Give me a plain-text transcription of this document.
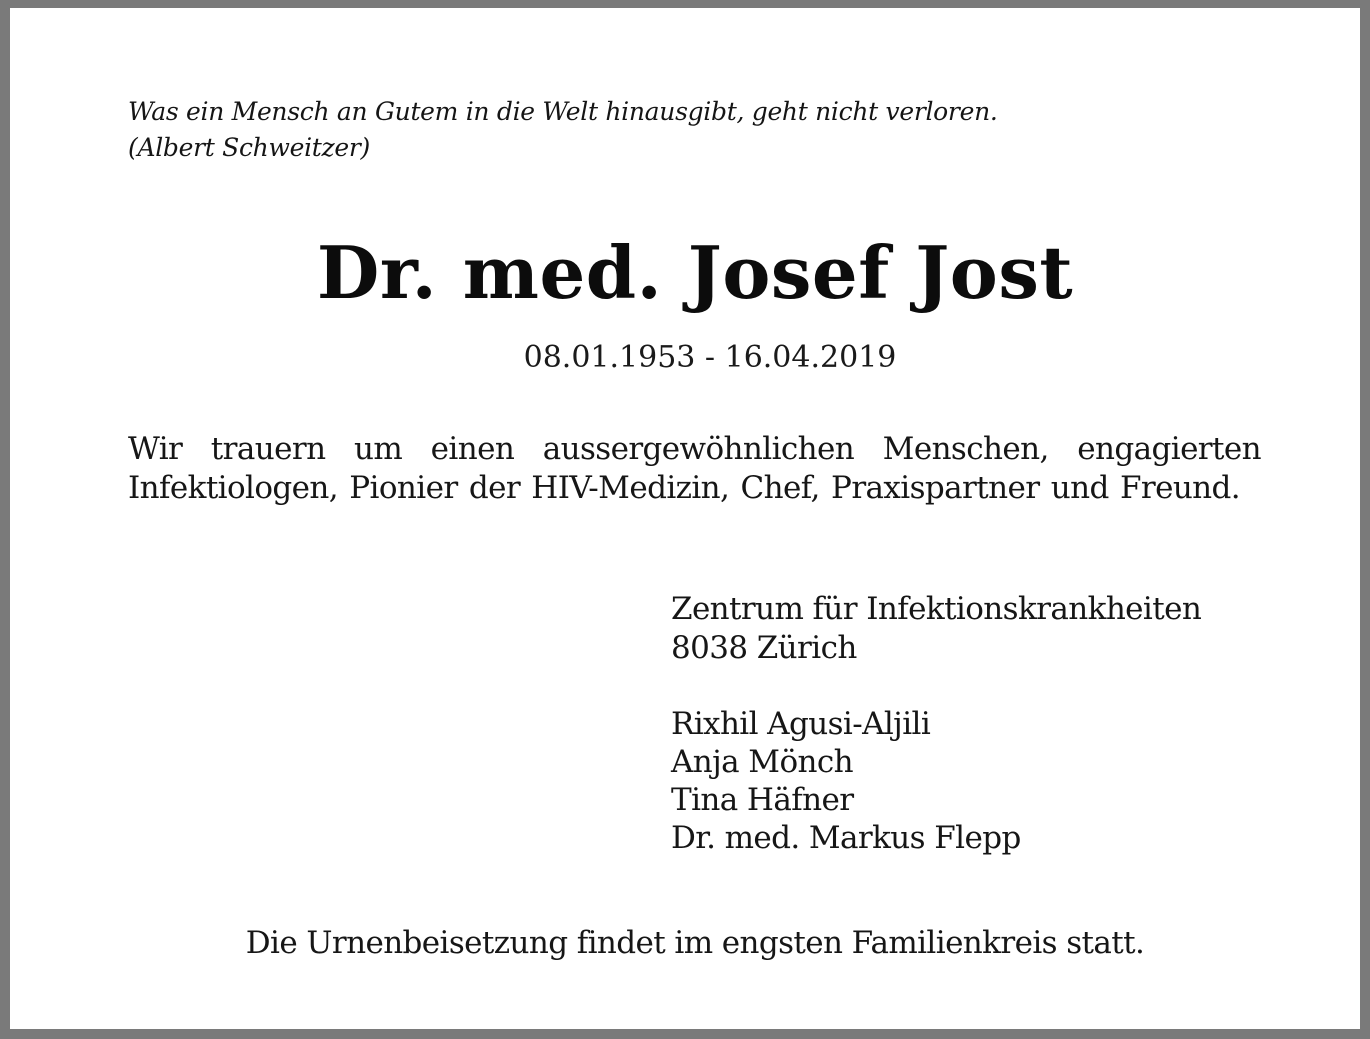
Was ein Mensch an Gutem in die Welt hinausgibt, geht nicht verloren.
(Albert Schweitzer)
Dr. med. Josef Jost
08.01.1953 - 16.04.2019
Wir trauern um einen aussergewöhnlichen Menschen, engagierten Infektiologen, Pionier der HIV-Medizin, Chef, Praxispartner und Freund.
Zentrum für Infektionskrankheiten
8038 Zürich
Rixhil Agusi-Aljili
Anja Mönch
Tina Häfner
Dr. med. Markus Flepp
Die Urnenbeisetzung findet im engsten Familienkreis statt.
